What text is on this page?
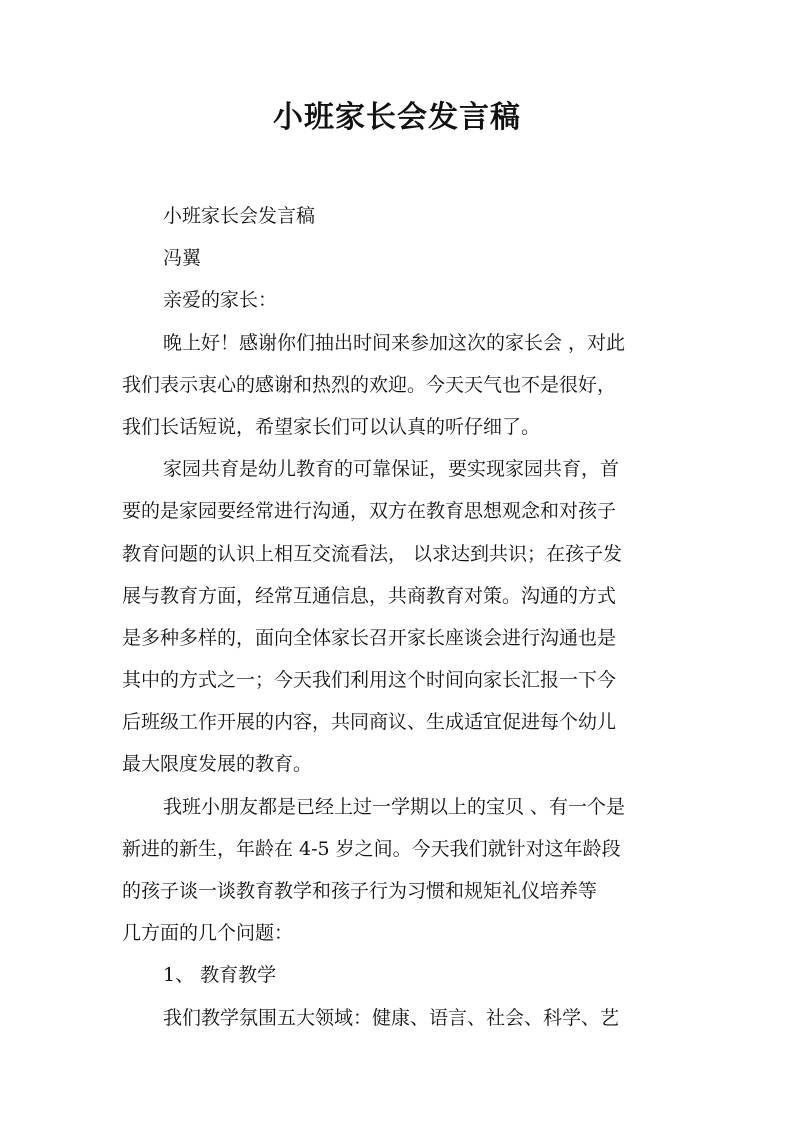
小班家长会发言稿
小班家长会发言稿
冯翼
亲爱的家长：
晚上好！感谢你们抽出时间来参加这次的家长会 ，对此
我们表示衷心的感谢和热烈的欢迎。今天天气也不是很好，
我们长话短说，希望家长们可以认真的听仔细了。
家园共育是幼儿教育的可靠保证，要实现家园共育，首
要的是家园要经常进行沟通，双方在教育思想观念和对孩子
教育问题的认识上相互交流看法， 以求达到共识；在孩子发
展与教育方面，经常互通信息，共商教育对策。沟通的方式
是多种多样的，面向全体家长召开家长座谈会进行沟通也是
其中的方式之一；今天我们利用这个时间向家长汇报一下今
后班级工作开展的内容，共同商议、生成适宜促进每个幼儿
最大限度发展的教育。
我班小朋友都是已经上过一学期以上的宝贝 、有一个是
新进的新生，年龄在 4-5 岁之间。今天我们就针对这年龄段
的孩子谈一谈教育教学和孩子行为习惯和规矩礼仪培养等
几方面的几个问题：
1、 教育教学
我们教学氛围五大领域：健康、语言、社会、科学、艺
